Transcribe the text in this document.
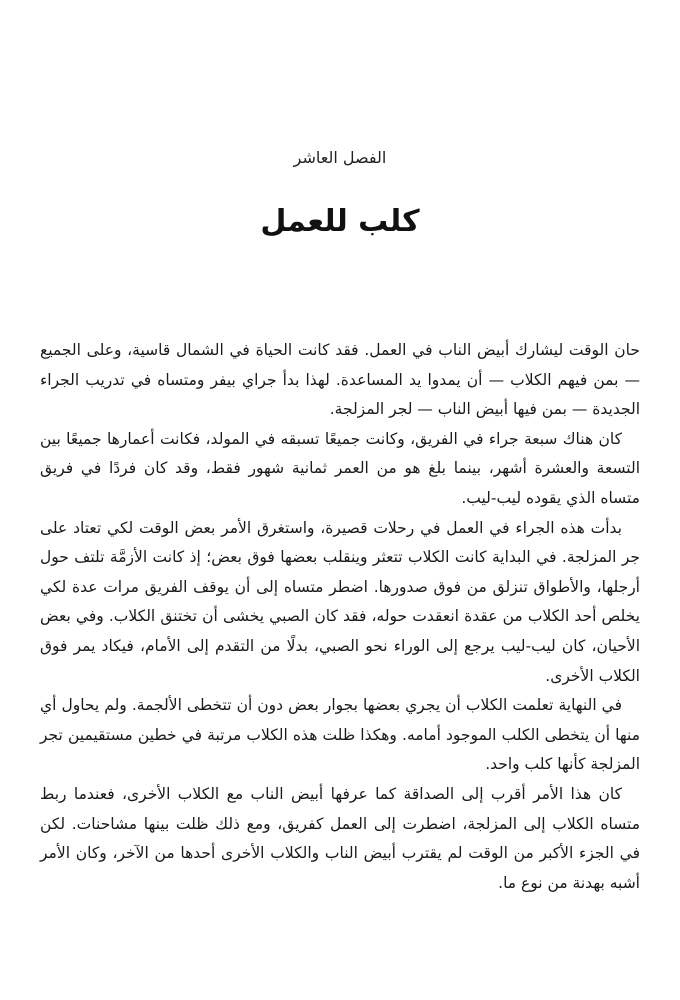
الفصل العاشر
كلب للعمل

حان الوقت ليشارك أبيض الناب في العمل. فقد كانت الحياة في الشمال قاسية، وعلى الجميع — بمن فيهم الكلاب — أن يمدوا يد المساعدة. لهذا بدأ جراي بيفر ومتساه في تدريب الجراء الجديدة — بمن فيها أبيض الناب — لجر المزلجة.

كان هناك سبعة جراء في الفريق، وكانت جميعًا تسبقه في المولد، فكانت أعمارها جميعًا بين التسعة والعشرة أشهر، بينما بلغ هو من العمر ثمانية شهور فقط، وقد كان فردًا في فريق متساه الذي يقوده ليب-ليب.

بدأت هذه الجراء في العمل في رحلات قصيرة، واستغرق الأمر بعض الوقت لكي تعتاد على جر المزلجة. في البداية كانت الكلاب تتعثر وينقلب بعضها فوق بعض؛ إذ كانت الأزمَّة تلتف حول أرجلها، والأطواق تنزلق من فوق صدورها. اضطر متساه إلى أن يوقف الفريق مرات عدة لكي يخلص أحد الكلاب من عقدة انعقدت حوله، فقد كان الصبي يخشى أن تختنق الكلاب. وفي بعض الأحيان، كان ليب-ليب يرجع إلى الوراء نحو الصبي، بدلًا من التقدم إلى الأمام، فيكاد يمر فوق الكلاب الأخرى.

في النهاية تعلمت الكلاب أن يجري بعضها بجوار بعض دون أن تتخطى الألجمة. ولم يحاول أي منها أن يتخطى الكلب الموجود أمامه. وهكذا ظلت هذه الكلاب مرتبة في خطين مستقيمين تجر المزلجة كأنها كلب واحد.

كان هذا الأمر أقرب إلى الصداقة كما عرفها أبيض الناب مع الكلاب الأخرى، فعندما ربط متساه الكلاب إلى المزلجة، اضطرت إلى العمل كفريق، ومع ذلك ظلت بينها مشاحنات. لكن في الجزء الأكبر من الوقت لم يقترب أبيض الناب والكلاب الأخرى أحدها من الآخر، وكان الأمر أشبه بهدنة من نوع ما.
